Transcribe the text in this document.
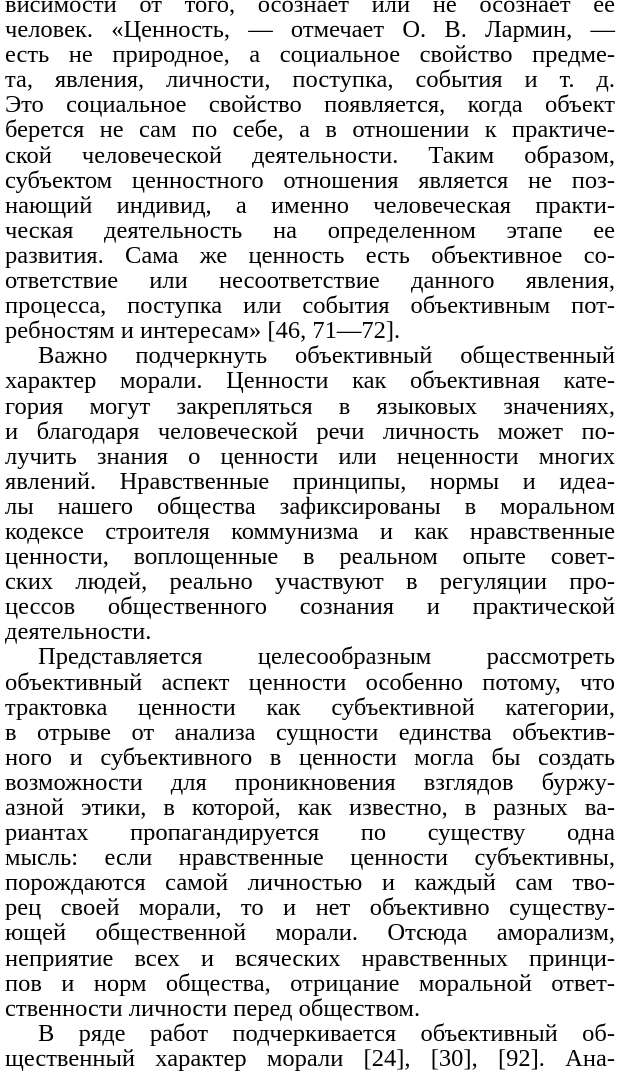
висимости от того, осознает или не осознает ее
человек. «Ценность, — отмечает О. В. Лармин, —
есть не природное, а социальное свойство предме-
та, явления, личности, поступка, события и т. д.
Это социальное свойство появляется, когда объект
берется не сам по себе, а в отношении к практиче-
ской человеческой деятельности. Таким образом,
субъектом ценностного отношения является не поз-
нающий индивид, а именно человеческая практи-
ческая деятельность на определенном этапе ее
развития. Сама же ценность есть объективное со-
ответствие или несоответствие данного явления,
процесса, поступка или события объективным пот-
ребностям и интересам» [46, 71—72].
Важно подчеркнуть объективный общественный
характер морали. Ценности как объективная кате-
гория могут закрепляться в языковых значениях,
и благодаря человеческой речи личность может по-
лучить знания о ценности или неценности многих
явлений. Нравственные принципы, нормы и идеа-
лы нашего общества зафиксированы в моральном
кодексе строителя коммунизма и как нравственные
ценности, воплощенные в реальном опыте совет-
ских людей, реально участвуют в регуляции про-
цессов общественного сознания и практической
деятельности.
Представляется целесообразным рассмотреть
объективный аспект ценности особенно потому, что
трактовка ценности как субъективной категории,
в отрыве от анализа сущности единства объектив-
ного и субъективного в ценности могла бы создать
возможности для проникновения взглядов буржу-
азной этики, в которой, как известно, в разных ва-
риантах пропагандируется по существу одна
мысль: если нравственные ценности субъективны,
порождаются самой личностью и каждый сам тво-
рец своей морали, то и нет объективно существу-
ющей общественной морали. Отсюда аморализм,
неприятие всех и всяческих нравственных принци-
пов и норм общества, отрицание моральной ответ-
ственности личности перед обществом.
В ряде работ подчеркивается объективный об-
щественный характер морали [24], [30], [92]. Ана-
